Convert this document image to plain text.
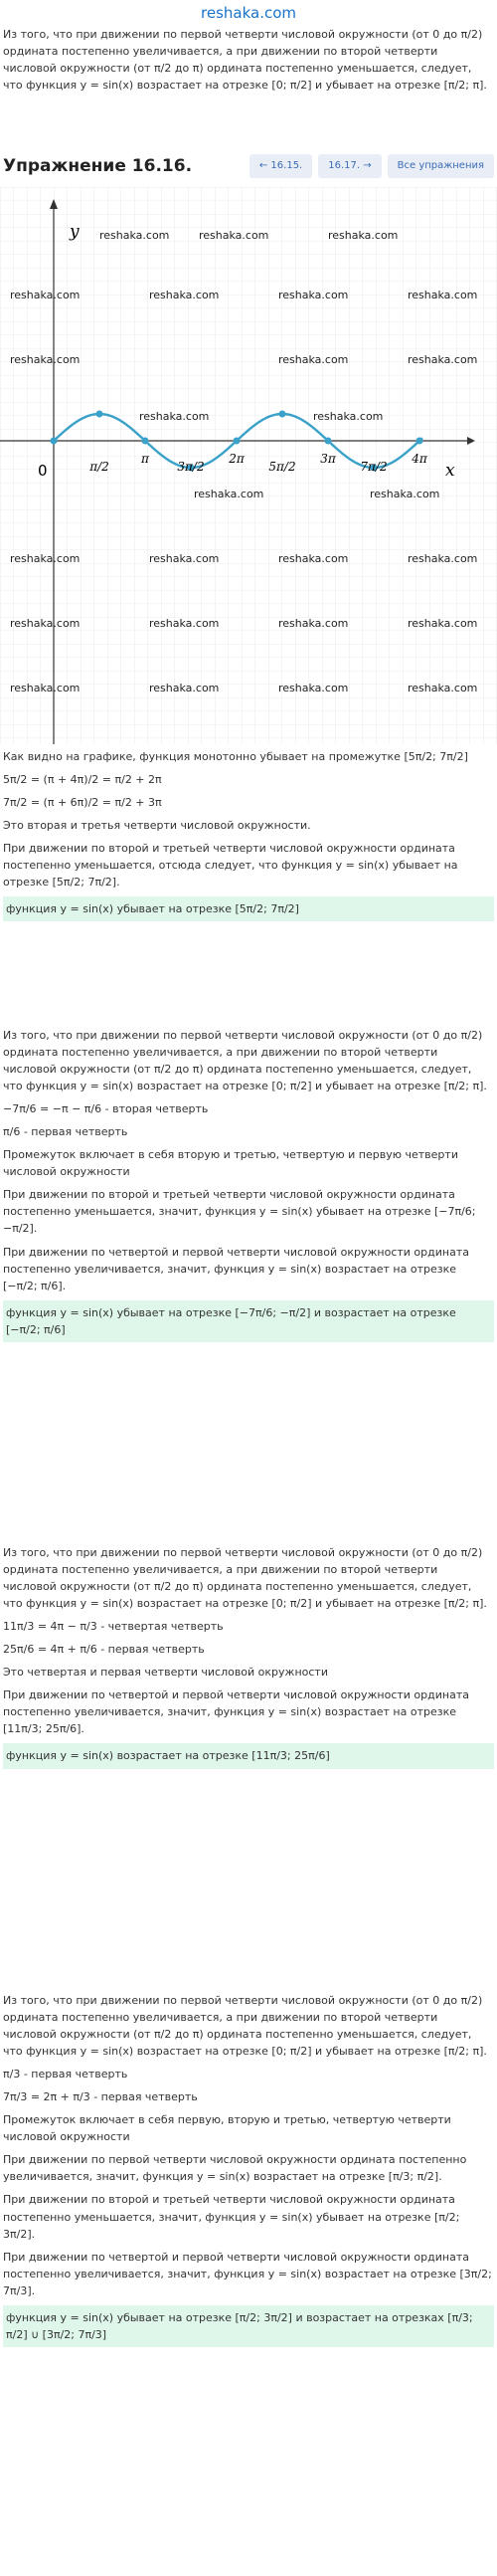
reshaka.com

Из того, что при движении по первой четверти числовой окружности (от 0 до π/2) ордината постепенно увеличивается, а при движении по второй четверти числовой окружности (от π/2 до π) ордината постепенно уменьшается, следует, что функция y = sin(x) возрастает на отрезке [0; π/2] и убывает на отрезке [π/2; π].

Упражнение 16.16.	← 16.15.	16.17. →	Все упражнения
y
x
0	π/2
π
3π/2
2π
5π/2
3π
7π/2
4π
reshaka.com	reshaka.com	reshaka.com
reshaka.com	reshaka.com	reshaka.com	reshaka.com
reshaka.com	reshaka.com	reshaka.com
reshaka.com	reshaka.com
reshaka.com	reshaka.com
reshaka.com	reshaka.com	reshaka.com	reshaka.com
reshaka.com	reshaka.com	reshaka.com	reshaka.com
reshaka.com	reshaka.com	reshaka.com	reshaka.com

Как видно на графике, функция монотонно убывает на промежутке [5π/2; 7π/2]

5π/2 = (π + 4π)/2 = π/2 + 2π

7π/2 = (π + 6π)/2 = π/2 + 3π

Это вторая и третья четверти числовой окружности.

При движении по второй и третьей четверти числовой окружности ордината постепенно уменьшается, отсюда следует, что функция y = sin(x) убывает на отрезке [5π/2; 7π/2].

функция y = sin(x) убывает на отрезке [5π/2; 7π/2]

Из того, что при движении по первой четверти числовой окружности (от 0 до π/2) ордината постепенно увеличивается, а при движении по второй четверти числовой окружности (от π/2 до π) ордината постепенно уменьшается, следует, что функция y = sin(x) возрастает на отрезке [0; π/2] и убывает на отрезке [π/2; π].

−7π/6 = −π − π/6 - вторая четверть

π/6 - первая четверть

Промежуток включает в себя вторую и третью, четвертую и первую четверти числовой окружности

При движении по второй и третьей четверти числовой окружности ордината постепенно уменьшается, значит, функция y = sin(x) убывает на отрезке [−7π/6; −π/2].

При движении по четвертой и первой четверти числовой окружности ордината постепенно увеличивается, значит, функция y = sin(x) возрастает на отрезке [−π/2; π/6].

функция y = sin(x) убывает на отрезке [−7π/6; −π/2] и возрастает на отрезке [−π/2; π/6]

Из того, что при движении по первой четверти числовой окружности (от 0 до π/2) ордината постепенно увеличивается, а при движении по второй четверти числовой окружности (от π/2 до π) ордината постепенно уменьшается, следует, что функция y = sin(x) возрастает на отрезке [0; π/2] и убывает на отрезке [π/2; π].

11π/3 = 4π − π/3 - четвертая четверть

25π/6 = 4π + π/6 - первая четверть

Это четвертая и первая четверти числовой окружности

При движении по четвертой и первой четверти числовой окружности ордината постепенно увеличивается, значит, функция y = sin(x) возрастает на отрезке [11π/3; 25π/6].

функция y = sin(x) возрастает на отрезке [11π/3; 25π/6]

Из того, что при движении по первой четверти числовой окружности (от 0 до π/2) ордината постепенно увеличивается, а при движении по второй четверти числовой окружности (от π/2 до π) ордината постепенно уменьшается, следует, что функция y = sin(x) возрастает на отрезке [0; π/2] и убывает на отрезке [π/2; π].

π/3 - первая четверть

7π/3 = 2π + π/3 - первая четверть

Промежуток включает в себя первую, вторую и третью, четвертую четверти числовой окружности

При движении по первой четверти числовой окружности ордината постепенно увеличивается, значит, функция y = sin(x) возрастает на отрезке [π/3; π/2].

При движении по второй и третьей четверти числовой окружности ордината постепенно уменьшается, значит, функция y = sin(x) убывает на отрезке [π/2; 3π/2].

При движении по четвертой и первой четверти числовой окружности ордината постепенно увеличивается, значит, функция y = sin(x) возрастает на отрезке [3π/2; 7π/3].

функция y = sin(x) убывает на отрезке [π/2; 3π/2] и возрастает на отрезках [π/3; π/2] ∪ [3π/2; 7π/3]
